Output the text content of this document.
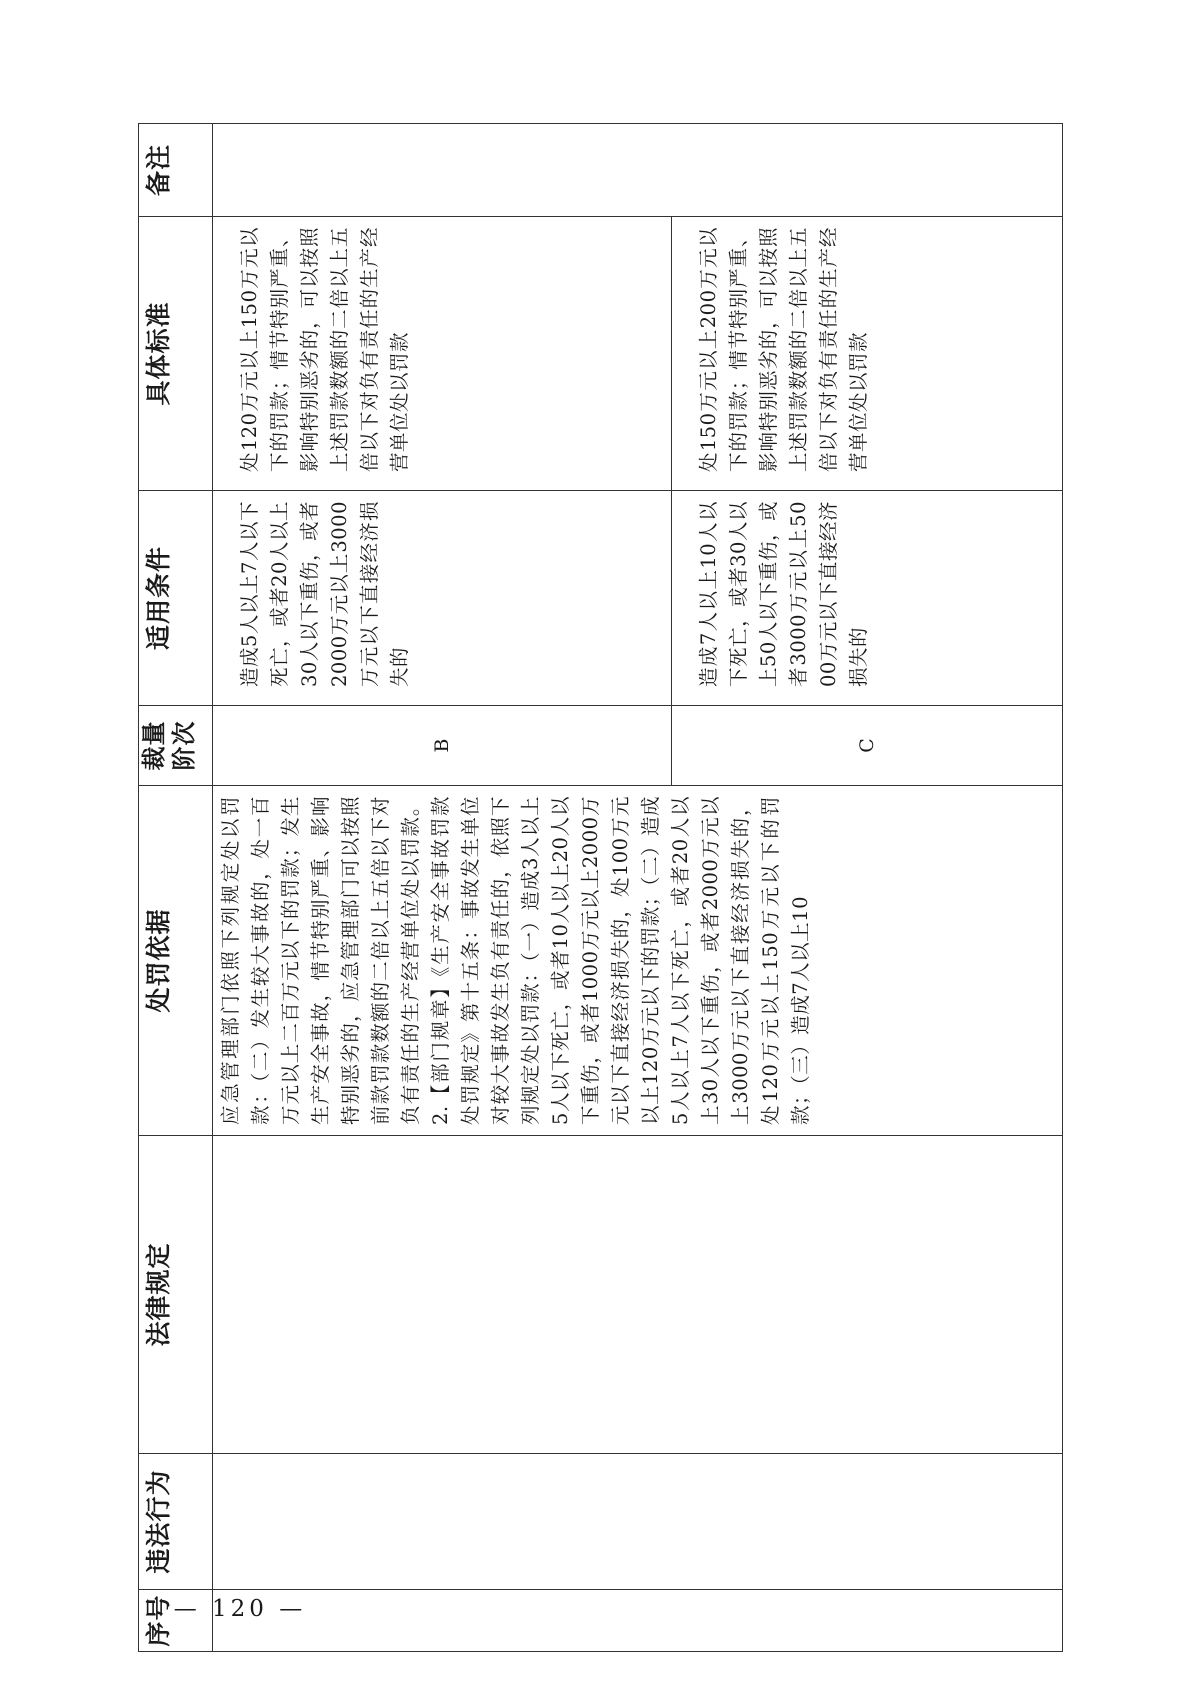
序号	违法行为	法律规定	处罚依据	裁量阶次	适用条件	具体标准	备注

			应急管理部门依照下列规定处以罚款：（二）发生较大事故的，处一百万元以上二百万元以下的罚款；发生生产安全事故，情节特别严重、影响特别恶劣的，应急管理部门可以按照前款罚款数额的二倍以上五倍以下对负有责任的生产经营单位处以罚款。2.【部门规章】《生产安全事故罚款处罚规定》第十五条：事故发生单位对较大事故发生负有责任的，依照下列规定处以罚款：（一）造成3人以上5人以下死亡，或者10人以上20人以下重伤，或者1000万元以上2000万元以下直接经济损失的，处100万元以上120万元以下的罚款；（二）造成5人以上7人以下死亡，或者20人以上30人以下重伤，或者2000万元以上3000万元以下直接经济损失的，处120万元以上150万元以下的罚款；（三）造成7人以上10	B	造成5人以上7人以下死亡，或者20人以上30人以下重伤，或者2000万元以上3000万元以下直接经济损失的	处120万元以上150万元以下的罚款；情节特别严重、影响特别恶劣的，可以按照上述罚款数额的二倍以上五倍以下对负有责任的生产经营单位处以罚款	

				C	造成7人以上10人以下死亡，或者30人以上50人以下重伤，或者3000万元以上5000万元以下直接经济损失的	处150万元以上200万元以下的罚款；情节特别严重、影响特别恶劣的，可以按照上述罚款数额的二倍以上五倍以下对负有责任的生产经营单位处以罚款	
— 120 —
